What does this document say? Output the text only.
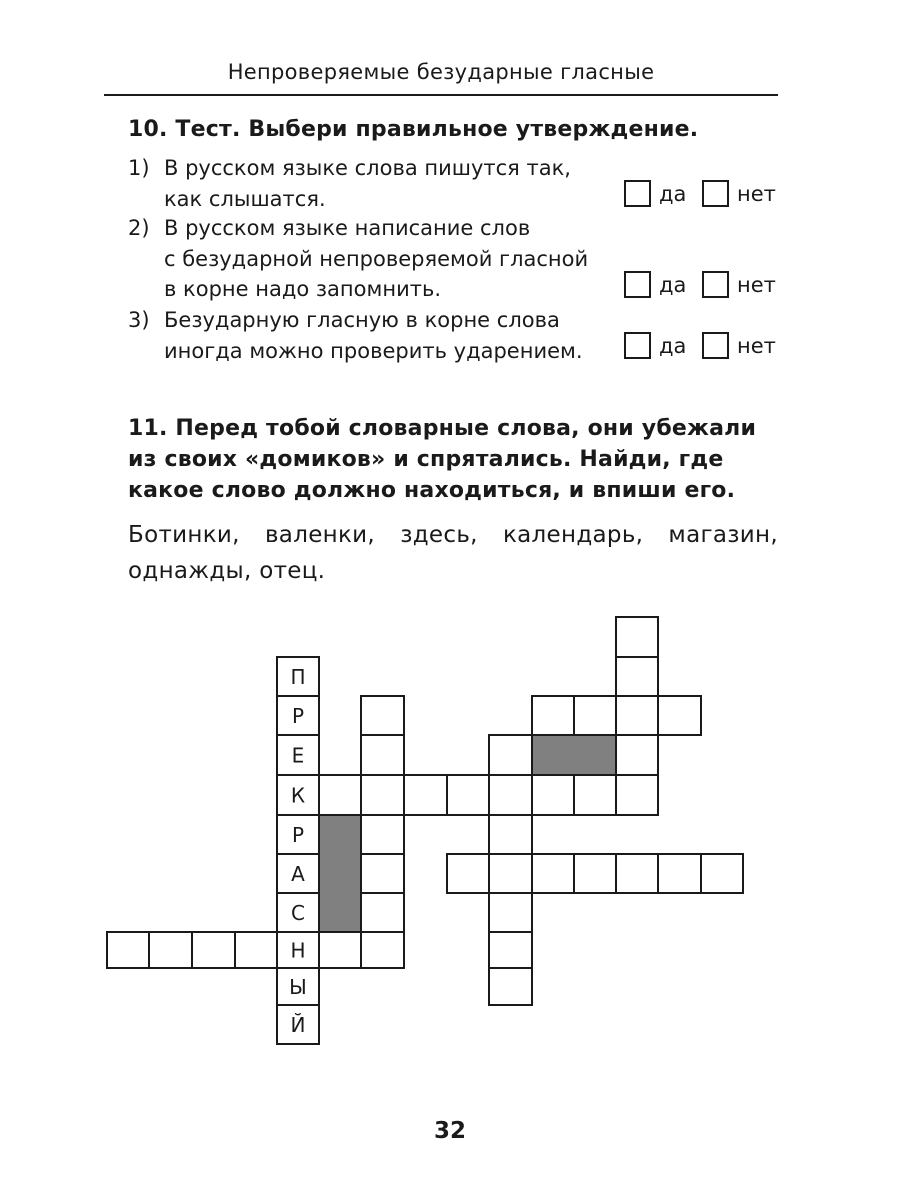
Непроверяемые безударные гласные
10. Тест. Выбери правильное утверждение.
1) В русском языке слова пишутся так,
как слышатся.	да нет
2) В русском языке написание слов
с безударной непроверяемой гласной
в корне надо запомнить.	да нет
3) Безударную гласную в корне слова
иногда можно проверить ударением.	да нет
11. Перед тобой словарные слова, они убежали из своих «домиков» и спрятались. Найди, где какое слово должно находиться, и впиши его.
Ботинки, валенки, здесь, календарь, магазин, однажды, отец.
П
Р
Е
К
Р
А
С
Н
Ы
Й
32
